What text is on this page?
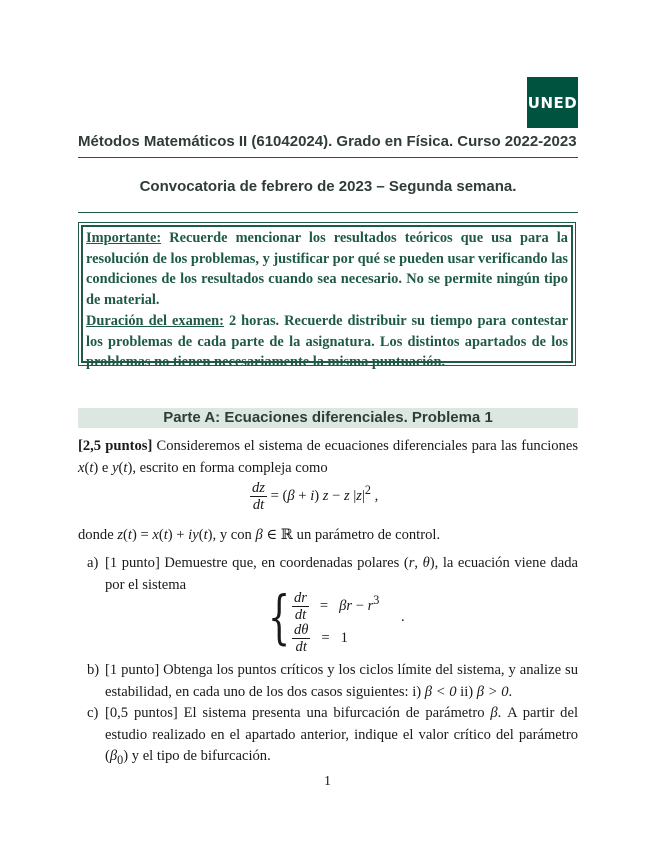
UNED
Métodos Matemáticos II (61042024). Grado en Física. Curso 2022-2023
Convocatoria de febrero de 2023 – Segunda semana.
Importante: Recuerde mencionar los resultados teóricos que usa para la resolución de los problemas, y justificar por qué se pueden usar verificando las condiciones de los resultados cuando sea necesario. No se permite ningún tipo de material.
Duración del examen: 2 horas. Recuerde distribuir su tiempo para contestar los problemas de cada parte de la asignatura. Los distintos apartados de los problemas no tienen necesariamente la misma puntuación.
Parte A: Ecuaciones diferenciales. Problema 1
[2,5 puntos] Consideremos el sistema de ecuaciones diferenciales para las funciones x(t) e y(t), escrito en forma compleja como
$\frac{dz}{dt} = (\beta + i) z - z$ $|z|^2$ ,
donde z(t) = x(t) + iy(t), y con β ∈ ℝ un parámetro de control.
a) [1 punto] Demuestre que, en coordenadas polares (r, θ), la ecuación viene dada por el sistema	{ $\frac{dr}{dt} = \beta r - r^3$
$\frac{d\theta}{dt} = 1$
.
b) [1 punto] Obtenga los puntos críticos y los ciclos límite del sistema, y analize su estabilidad, en cada uno de los dos casos siguientes: i) β < 0 ii) β > 0.
c) [0,5 puntos] El sistema presenta una bifurcación de parámetro β. A partir del estudio realizado en el apartado anterior, indique el valor crítico del parámetro $(\beta_0)$ y el tipo de bifurcación.
1
